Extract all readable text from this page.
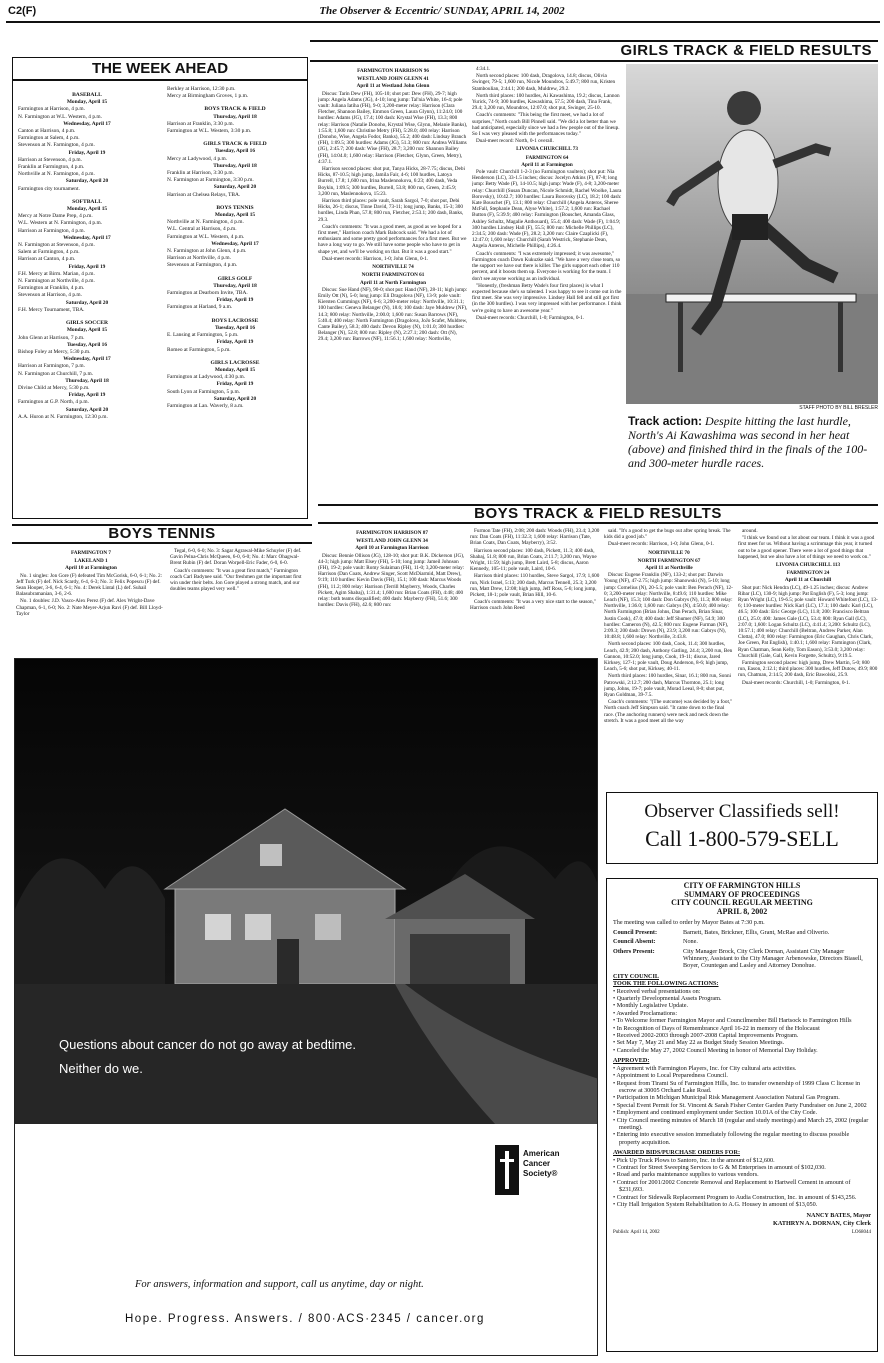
C2(F)	The Observer & Eccentric/ SUNDAY, APRIL 14, 2002
THE WEEK AHEAD
BASEBALL
Monday, April 15
Farmington at Harrison, 4 p.m.
N. Farmington at W.L. Western, 4 p.m.
Wednesday, April 17
Canton at Harrison, 4 p.m.
Farmington at Salem, 4 p.m.
Stevenson at N. Farmington, 4 p.m.
Friday, April 19
Harrison at Stevenson, 4 p.m.
Franklin at Farmington, 4 p.m.
Northville at N. Farmington, 4 p.m.
Saturday, April 20
Farmington city tournament.
SOFTBALL
Monday, April 15
Mercy at Notre Dame Prep, 4 p.m.
W.L. Western at N. Farmington, 4 p.m.
Harrison at Farmington, 4 p.m.
Wednesday, April 17
N. Farmington at Stevenson, 4 p.m.
Salem at Farmington, 4 p.m.
Harrison at Canton, 4 p.m.
Friday, April 19
F.H. Mercy at Birm. Marian, 4 p.m.
N. Farmington at Northville, 4 p.m.
Farmington at Franklin, 4 p.m.
Stevenson at Harrison, 4 p.m.
Saturday, April 20
F.H. Mercy Tournament, TBA.
GIRLS SOCCER
Monday, April 15
John Glenn at Harrison, 7 p.m.
Tuesday, April 16
Bishop Foley at Mercy, 5:30 p.m.
Wednesday, April 17
Harrison at Farmington, 7 p.m.
N. Farmington at Churchill, 7 p.m.
Thursday, April 18
Divine Child at Mercy, 5:30 p.m.
Friday, April 19
Farmington at G.P. North, 4 p.m.
Saturday, April 20
A.A. Huron at N. Farmington, 12:30 p.m.
Berkley at Harrison, 12:30 p.m.
Mercy at Birmingham Groves, 1 p.m.
BOYS TRACK & FIELD
Thursday, April 18
Harrison at Franklin, 3:30 p.m.
Farmington at W.L. Western, 3:30 p.m.
GIRLS TRACK & FIELD
Tuesday, April 16
Mercy at Ladywood, 4 p.m.
Thursday, April 18
Franklin at Harrison, 3:30 p.m.
N. Farmington at Farmington, 3:30 p.m.
Saturday, April 20
Harrison at Chelsea Relays, TBA.
BOYS TENNIS
Monday, April 15
Northville at N. Farmington, 4 p.m.
W.L. Central at Harrison, 4 p.m.
Farmington at W.L. Western, 4 p.m.
Wednesday, April 17
N. Farmington at John Glenn, 4 p.m.
Harrison at Northville, 4 p.m.
Stevenson at Farmington, 4 p.m.
GIRLS GOLF
Thursday, April 18
Farmington at Dearborn Invite, TBA.
Friday, April 19
Farmington at Harland, 9 a.m.
BOYS LACROSSE
Tuesday, April 16
E. Lansing at Farmington, 5 p.m.
Friday, April 19
Romeo at Farmington, 5 p.m.
GIRLS LACROSSE
Monday, April 15
Farmington at Ladywood, 4:30 p.m.
Friday, April 19
South Lyon at Farmington, 5 p.m.
Saturday, April 20
Farmington at Lan. Waverly, 8 a.m.
GIRLS TRACK & FIELD RESULTS

FARMINGTON HARRISON 96

WESTLAND JOHN GLENN 41

April 11 at Westland John Glenn

Discus: Tarin Dew (FH), 105-10; shot put: Dew (FH), 29-7; high jump: Angela Adams (JG), 4-10; long jump: Tal'nia White, 16-4; pole vault: Juliana Iatiha (FH), 9-0; 3,200-meter relay: Harrison (Clara Fletcher, Shannon Bailey, Emmon Green, Laura Glynn), 11:24.0; 100 hurdles: Adams (JG), 17.4; 100 dash: Krystal Wise (FH), 13.3; 800 relay: Harrison (Natalie Donoho, Krystal Wise, Glynn, Melanie Banks), 1:55.8; 1,600 run: Christine Metry (FH), 5:28.0; 400 relay: Harrison (Donoho, Wise, Angela Fodor, Banks), 55.2; 400 dash: Lindsay Branch (FH), 1:09.5; 300 hurdles: Adams (JG), 51.3; 800 run: Andrea Williams (JG), 2:45.7; 200 dash: Wise (FH), 28.7; 3,200 run: Shannon Bailey (FH), 14:04.0; 1,600 relay: Harrison (Fletcher, Glynn, Green, Metry), 4:37.1.

Harrison second places: shot put, Tanya Hicks, 28-7.75; discus, Debi Hicks, 87-10.5; high jump, Jamila Fair, 4-6; 100 hurdles, Latoya Burrell, 17.8; 1,600 run, Irina Maslennokova, 6:23; 400 dash, Veda Boykin, 1:09.5; 300 hurdles, Burrell, 53.8; 800 run, Green, 2:45.9; 3,200 run, Maslennokova, 15:23.

Harrison third places: pole vault, Sarah Sargol, 7-0; shot put, Debi Hicks, 26-1; discus, Tinne David, 73-11; long jump, Banks, 15-3; 300 hurdles, Linda Phan, 57.8; 800 run, Fletcher, 2:53.1; 200 dash, Banks, 29.3.

Coach's comments: "It was a good meet, as good as we hoped for a first meet," Harrison coach Mark Babcock said. "We had a lot of enthusiasm and some pretty good performances for a first meet. But we have a long way to go. We still have some people who have to get in shape yet, and we'll be working on that. But it was a good start."

Dual-meet records: Harrison, 1-0; John Glenn, 0-1.

NORTHVILLE 74

NORTH FARMINGTON 61

April 11 at North Farmington

Discus: Sue Hand (NF), 90-0; shot put: Hand (NF), 28-11; high jump: Emily Ott (N), 5-0; long jump: Eli Dragolova (NF), 13-9; pole vault: Kiersten Cummings (NF), 6-6; 3,200-meter relay: Northville, 10:31.1; 100 hurdles: Geneva Belanger (N), 18.6; 100 dash: Jaye Muldrew (NF), 14.3; 800 relay: Northville, 2:00.0; 1,600 run: Susan Barrows (NF), 5:40.4; 400 relay: North Farmington (Dragolova, JoJo Scafet, Muldrew, Cante Bailey), 58.3; 400 dash: Devon Ripley (N), 1:01.0; 300 hurdles: Belanger (N), 52.8; 800 run: Ripley (N), 2:27.1; 200 dash: Ott (N), 29.4; 3,200 run: Barrows (NF), 11:56.1; 1,600 relay: Northville,

4:34.1.

North second places: 100 dash, Dragolova, 14.8; discus, Olivia Swinger, 79-5; 1,600 run, Nicole Moundros, 5:49.7; 800 run, Kristen Stamboulian, 2:44.1; 200 dash, Muldrew, 29.2.

North third places: 100 hurdles, Ai Kawashima, 19.2; discus, Lannon Yurick, 74-9; 300 hurdles, Kawashima, 57.5; 200 dash, Tina Frank, 29.4; 3,200 run, Moundros, 12:07.0; shot put, Swinger, 25-10.

Coach's comments: "This being the first meet, we had a lot of surprises," North coach Bill Pinnell said. "We did a lot better than we had anticipated, especially since we had a few people out of the lineup. So I was very pleased with the performances today."

Dual-meet record: North, 0-1 overall.

LIVONIA CHURCHILL 73

FARMINGTON 64

April 11 at Farmington

Pole vault: Churchill 1-2-3 (no Farmington vaulters); shot put: Nia Henderson (LC), 33-1.5 inches; discus: Jocelyn Atkins (F), 87-8; long jump: Betty Wade (F), 14-10.5; high jump: Wade (F), 4-8; 3,200-meter relay: Churchill (Susan Duncan, Nicole Schmidt, Rachel Woolke, Laura Borovsky), 10:42.7; 100 hurdles: Laura Borovsky (LC), 18.2; 100 dash: Kate Bouschet (F), 13.1; 800 relay: Churchill (Angela Anteros, Sheree McFall, Stephanie Dean, Alyse White), 1:57.2; 1,600 run: Rachael Button (F), 5:39.9; 400 relay: Farmington (Bouschet, Amanda Glass, Ashley Schultz, Magalie Anthouard), 55.4; 400 dash: Wade (F), 1:04.9; 300 hurdles Lindsey Hall (F), 55.5; 800 run: Michelle Phillips (LC), 2:34.5; 200 dash: Wade (F), 28.2; 3,200 run: Claire Czaplicki (F), 12:47.0; 1,600 relay: Churchill (Sarah Westrick, Stephanie Dean, Angela Anteros, Michelle Phillips), 4:26.4.

Coach's comments: "I was extremely impressed; it was awesome," Farmington coach Dawn Kukuzke said. "We have a very close team, so the support we have out there is killer. The girls support each other 110 percent, and it boosts them up. Everyone is working for the team. I don't see anyone working as an individual.

"Honestly, (freshman Betty Wade's four first places) is what I expected because she's so talented. I was happy to see it come out in the first meet. She was very impressive. Lindsey Hall fell and still got first (in the 300 hurdles). I was very impressed with her performance. I think we're going to have an awesome year."

Dual-meet records: Churchill, 1-0; Farmington, 0-1.

STAFF PHOTO BY BILL BRESLER
Track action: Despite hitting the last hurdle, North's Ai Kawashima was second in her heat (above) and finished third in the finals of the 100- and 300-meter hurdle races.
BOYS TENNIS

FARMINGTON 7

LAKELAND 1

April 10 at Farmington

No. 1 singles: Jon Gore (F) defeated Tim McGorisk, 6-0, 6-1; No. 2: Jeff Turk (F) def. Nick Scardy, 6-4, 6-3; No. 3: Felix Popescu (F) def. Sean Hooper, 3-6, 6-4, 6-1; No. 4: Derek Lintal (L) def. Suhail Balasubramanian, 3-6, 2-6.

No. 1 doubles: J.D. Vasco-Alex Perez (F) def. Alex Wright-Dave Chapman, 6-1, 6-0; No. 2: Nate Meyer-Arjun Ravi (F) def. Bill Lloyd-Taylor

Tegal, 6-0, 6-0; No. 3: Sagar Agrawal-Mike Schuyler (F) def. Gavin Pelna-Chris McQueen, 6-0, 6-0; No. 4: Marc Ohagwal-Brent Rubin (F) def. Doran Worpell-Eric Fader, 6-0, 6-0.

Coach's comments: "It was a great first match," Farmington coach Carl Badynee said. "Our freshmen got the important first win under their belts. Jon Gore played a strong match, and our doubles teams played very well."

BOYS TRACK & FIELD RESULTS

FARMINGTON HARRISON 87

WESTLAND JOHN GLENN 34

April 10 at Farmington Harrison

Discus: Bennie Ollison (JG), 128-10; shot put: B.K. Dickerson (JG), 44-3; high jump: Matt Elsey (FH), 5-10; long jump: Jameil Johnson (FH), 19-2; pole vault: Romy Sulaiman (FH), 11-0; 3,200-meter relay: Harrison (Dan Coats, Andrew Singer, Scott McDiarmid, Matt Drew), 9:19; 110 hurdles: Kevin Davis (FH), 15.1; 100 dash: Marcus Woods (FH), 11.2; 800 relay: Harrison (Terrill Mayberry, Woods, Charles Pickett, Agim Shabaj), 1:31.4; 1,600 run: Brian Coats (FH), 4:48; 400 relay: both teams disqualified; 400 dash: Mayberry (FH), 51.6; 300 hurdles: Davis (FH), 42.6; 800 run:

Furmon Tate (FH), 2:08; 200 dash: Woods (FH), 23.4; 3,200 run: Dan Coats (FH), 11:32.3; 1,600 relay: Harrison (Tate, Brian Coats, Dan Coats, Mayberry), 3:52.

Harrison second places: 100 dash, Pickett, 11.3; 400 dash, Shabaj, 51.8; 800 run, Brian Coats, 2:11.7; 3,200 run, Wayne Wright, 11:59; high jump, Brett Laird, 5-8; discus, Aaron Kennedy, 105-11; pole vault, Laird, 10-6.

Harrison third places: 110 hurdles, Steve Sargol, 17.9; 1,600 run, Nick Israel, 5:13; 200 dash, Marcus Tennell, 25.3; 3,200 run, Matt Drew, 12:08; high jump, Jeff Ross, 5-6; long jump, Pickett, 18-1; pole vault, Brian Hill, 10-6.

Coach's comments: "It was a very nice start to the season," Harrison coach John Reed

said. "It's a good to get the bugs out after spring break. The kids did a good job."

Dual-meet records: Harrison, 1-0; John Glenn, 0-1.

NORTHVILLE 70

NORTH FARMINGTON 67

April 11 at Northville

Discus: Eugene Franklin (NF), 133-2; shot put: Darwin Young (NF), 47-2.75; high jump: Shanowski (N), 5-10; long jump: Cornelius (N), 20-5.5; pole vault: Ben Perach (NF), 12-0; 3,200-meter relay: Northville, 8:49.6; 110 hurdles: Mike Leach (NF), 15.3; 100 dash: Don Gabrys (N), 11.3; 800 relay: Northville, 1:36.0; 1,600 run: Gabrys (N), 4:50.0; 400 relay: North Farmington (Brian Johns, Dan Perach, Brian Sinar, Justin Cook), 47.0; 400 dash: Jeff Shumer (NF), 54.9; 300 hurdles: Cameron (N), 42.5; 800 run: Eugene Furman (NF), 2:09.3; 200 dash: Drown (N), 23.9; 3,200 run: Gabrys (N), 10:48.8; 1,600 relay: Northville, 3:43.8.

North second places: 100 dash, Cook, 11.4; 300 hurdles, Leach, 42.9; 200 dash, Anthony Gatling, 24.4; 3,200 run, Ben Gannon, 10:52.0; long jump, Cook, 19-11; discus, Jared Kirksey, 127-1; pole vault, Doug Anderson, 8-6; high jump, Leach, 5-6; shot put, Kirksey, 40-11.

North third places: 100 hurdles, Sinar, 16.1; 800 run, Sonni Patrowski, 2:12.7; 200 dash, Marcus Thornton, 25.1; long jump, Johns, 19-7; pole vault, Morad Leeal, 8-0; shot put, Ryan Goldman, 39-7.5.

Coach's comments: "(The outcome) was decided by a foot," North coach Jeff Simpson said. "It came down to the final race. (The anchoring runners) were neck and neck down the stretch. It was a good meet all the way

around.

"I think we found out a lot about our team. I think it was a good first meet for us. Without having a scrimmage this year, it turned out to be a good opener. There were a lot of good things that happened, but we also have a lot of things we need to work on."

LIVONIA CHURCHILL 113

FARMINGTON 24

April 11 at Churchill

Shot put: Nick Hendra (LC), 49-1.25 inches; discus: Andrew Ribar (LC), 130-9; high jump: Pat English (F), 5-3; long jump: Ryan Wright (LC), 19-6.5; pole vault: Howard Whitefoot (LC), 13-6; 110-meter hurdles: Nick Karl (LC), 17.1; 100 dash: Karl (LC), 46.5; 100 dash: Eric George (LC), 11.8; 200: Francisco Beltran (LC), 25.0; 400: James Gale (LC), 53.4; 800: Ryan Gall (LC), 2:07.0; 1,600: Logan Schultz (LC), 4:41.4; 3,200: Schultz (LC), 10:57.1; 400 relay: Churchill (Beltran, Andrew Parker, Alan Clotta), 47.0; 800 relay: Farmington (Eric Gaughan, Chris Clark, Joe Green, Pat English), 1:40.1; 1,600 relay: Farmington (Clark, Ryan Chatman, Sean Kelly, Tom Eason), 3:53.0; 3,200 relay: Churchill (Gale, Gall, Kevin Forgette, Schultz), 9:19.5.

Farmington second places: high jump, Drew Martin, 5-0; 800 run, Eason, 2:12.1; third places: 300 hurdles, Jeff Dutow, 49.9; 800 run, Chatman, 2:14.5; 200 dash, Eric Bawolski, 25.9.

Dual-meet records: Churchill, 1-0; Farmington, 0-1.

Questions about cancer do not go away at bedtime.
Neither do we.
American
Cancer
Society®
For answers, information and support, call us anytime, day or night.
Hope. Progress. Answers. / 800·ACS·2345 / cancer.org
Observer Classifieds sell!
Call 1-800-579-SELL
CITY OF FARMINGTON HILLS
SUMMARY OF PROCEEDINGS
CITY COUNCIL REGULAR MEETING
APRIL 8, 2002
The meeting was called to order by Mayor Bates at 7:30 p.m.
Council Present:	Barnett, Bates, Brickner, Ellis, Grant, McRae and Oliverio.
Council Absent:	None.
Others Present:	City Manager Brock, City Clerk Dornan, Assistant City Manager Whinnery, Assistant to the City Manager Arbenowske, Directors Biasell, Boyer, Countegan and Lasley and Attorney Donohue.
CITY COUNCIL
TOOK THE FOLLOWING ACTIONS:
• Received verbal presentations on:
• Quarterly Developmental Assets Program.
• Monthly Legislative Update.
• Awarded Proclamations:
• To Welcome former Farmington Mayor and Councilmember Bill Hartsock to Farmington Hills
• In Recognition of Days of Remembrance April 16-22 in memory of the Holocaust
• Received 2002-2003 through 2007-2008 Capital Improvements Program.
• Set May 7, May 21 and May 22 as Budget Study Session Meetings.
• Canceled the May 27, 2002 Council Meeting in honor of Memorial Day Holiday.
APPROVED:
• Agreement with Farmington Players, Inc. for City cultural arts activities.
• Appointment to Local Preparedness Council.
• Request from Tirami Su of Farmington Hills, Inc. to transfer ownership of 1999 Class C license in escrow at 30005 Orchard Lake Road.
• Participation in Michigan Municipal Risk Management Association Natural Gas Program.
• Special Event Permit for St. Vincent & Sarah Fisher Center Garden Party Fundraiser on June 2, 2002
• Employment and continued employment under Section 10.01A of the City Code.
• City Council meeting minutes of March 18 (regular and study meetings) and March 25, 2002 (regular meeting).
• Entering into executive session immediately following the regular meeting to discuss possible property acquisition.
AWARDED BIDS/PURCHASE ORDERS FOR:
• Pick Up Truck Plows to Santoro, Inc. in the amount of $12,600.
• Contract for Street Sweeping Services to G & M Enterprises in amount of $102,030.
• Road and parks maintenance supplies to various vendors.
• Contract for 2001/2002 Concrete Removal and Replacement to Hartwell Cement in amount of $231,693.
• Contract for Sidewalk Replacement Program to Audia Construction, Inc. in amount of $143,256.
• City Hall Irrigation System Rehabilitation to A.G. Housey in amount of $13,050.
NANCY BATES, Mayor
KATHRYN A. DORNAN, City Clerk
Publish: April 14, 2002	LO68044
